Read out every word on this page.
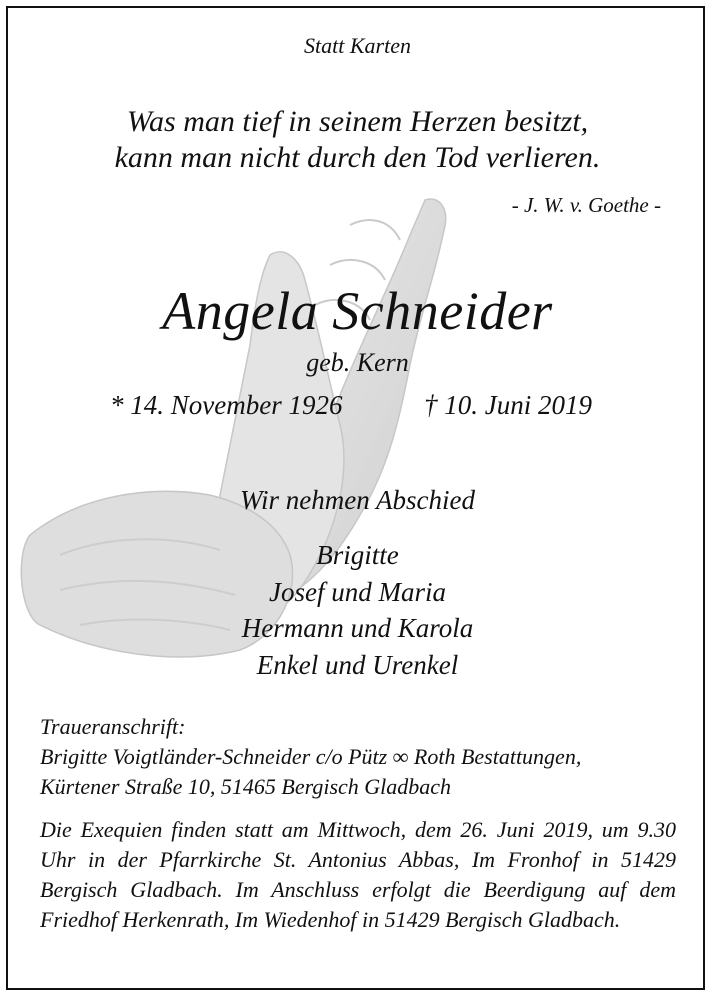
Statt Karten
Was man tief in seinem Herzen besitzt,
kann man nicht durch den Tod verlieren.
- J. W. v. Goethe -
Angela Schneider
geb. Kern
* 14. November 1926	† 10. Juni 2019
Wir nehmen Abschied
Brigitte
Josef und Maria
Hermann und Karola
Enkel und Urenkel
Traueranschrift:
Brigitte Voigtländer-Schneider c/o Pütz ∞ Roth Bestattungen,
Kürtener Straße 10, 51465 Bergisch Gladbach
Die Exequien finden statt am Mittwoch, dem 26. Juni 2019, um 9.30 Uhr in der Pfarrkirche St. Antonius Abbas, Im Fronhof in 51429 Bergisch Gladbach. Im Anschluss erfolgt die Beerdigung auf dem Friedhof Herkenrath, Im Wiedenhof in 51429 Bergisch Gladbach.
